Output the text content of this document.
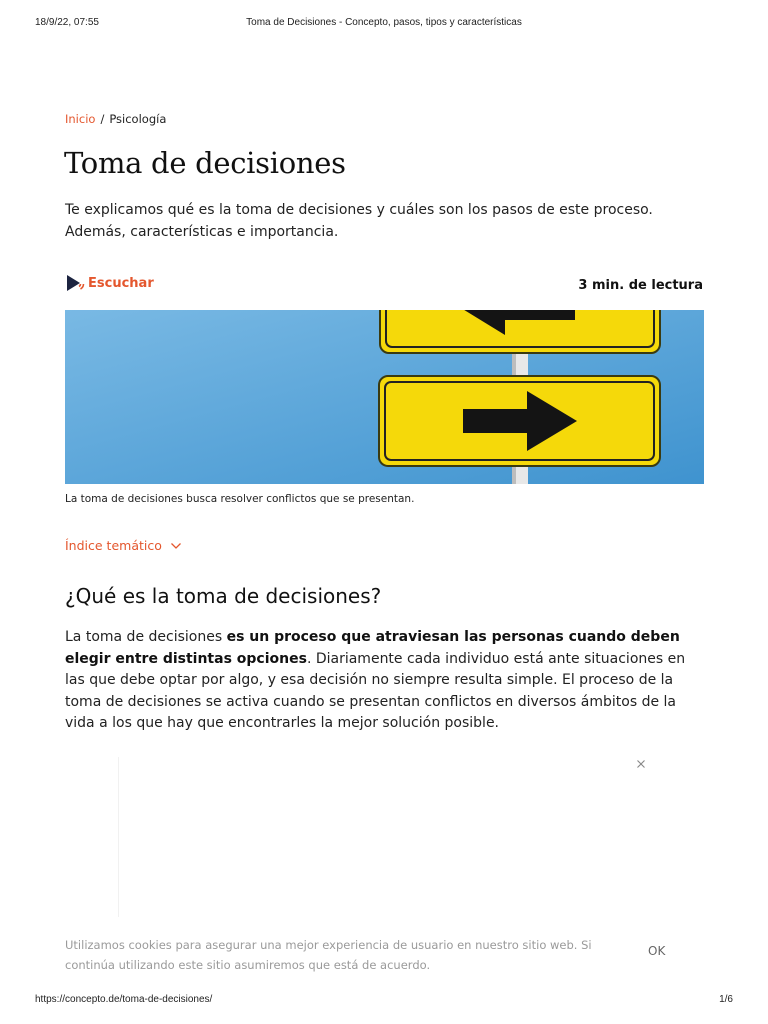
18/9/22, 07:55	Toma de Decisiones - Concepto, pasos, tipos y características
Inicio / Psicología
Toma de decisiones

Te explicamos qué es la toma de decisiones y cuáles son los pasos de este proceso. Además, características e importancia.

Escuchar	3 min. de lectura

La toma de decisiones busca resolver conflictos que se presentan.

Índice temático
¿Qué es la toma de decisiones?

La toma de decisiones es un proceso que atraviesan las personas cuando deben elegir entre distintas opciones. Diariamente cada individuo está ante situaciones en las que debe optar por algo, y esa decisión no siempre resulta simple. El proceso de la toma de decisiones se activa cuando se presentan conflictos en diversos ámbitos de la vida a los que hay que encontrarles la mejor solución posible.

Utilizamos cookies para asegurar una mejor experiencia de usuario en nuestro sitio web. Si continúa utilizando este sitio asumiremos que está de acuerdo.

OK
https://concepto.de/toma-de-decisiones/	1/6
